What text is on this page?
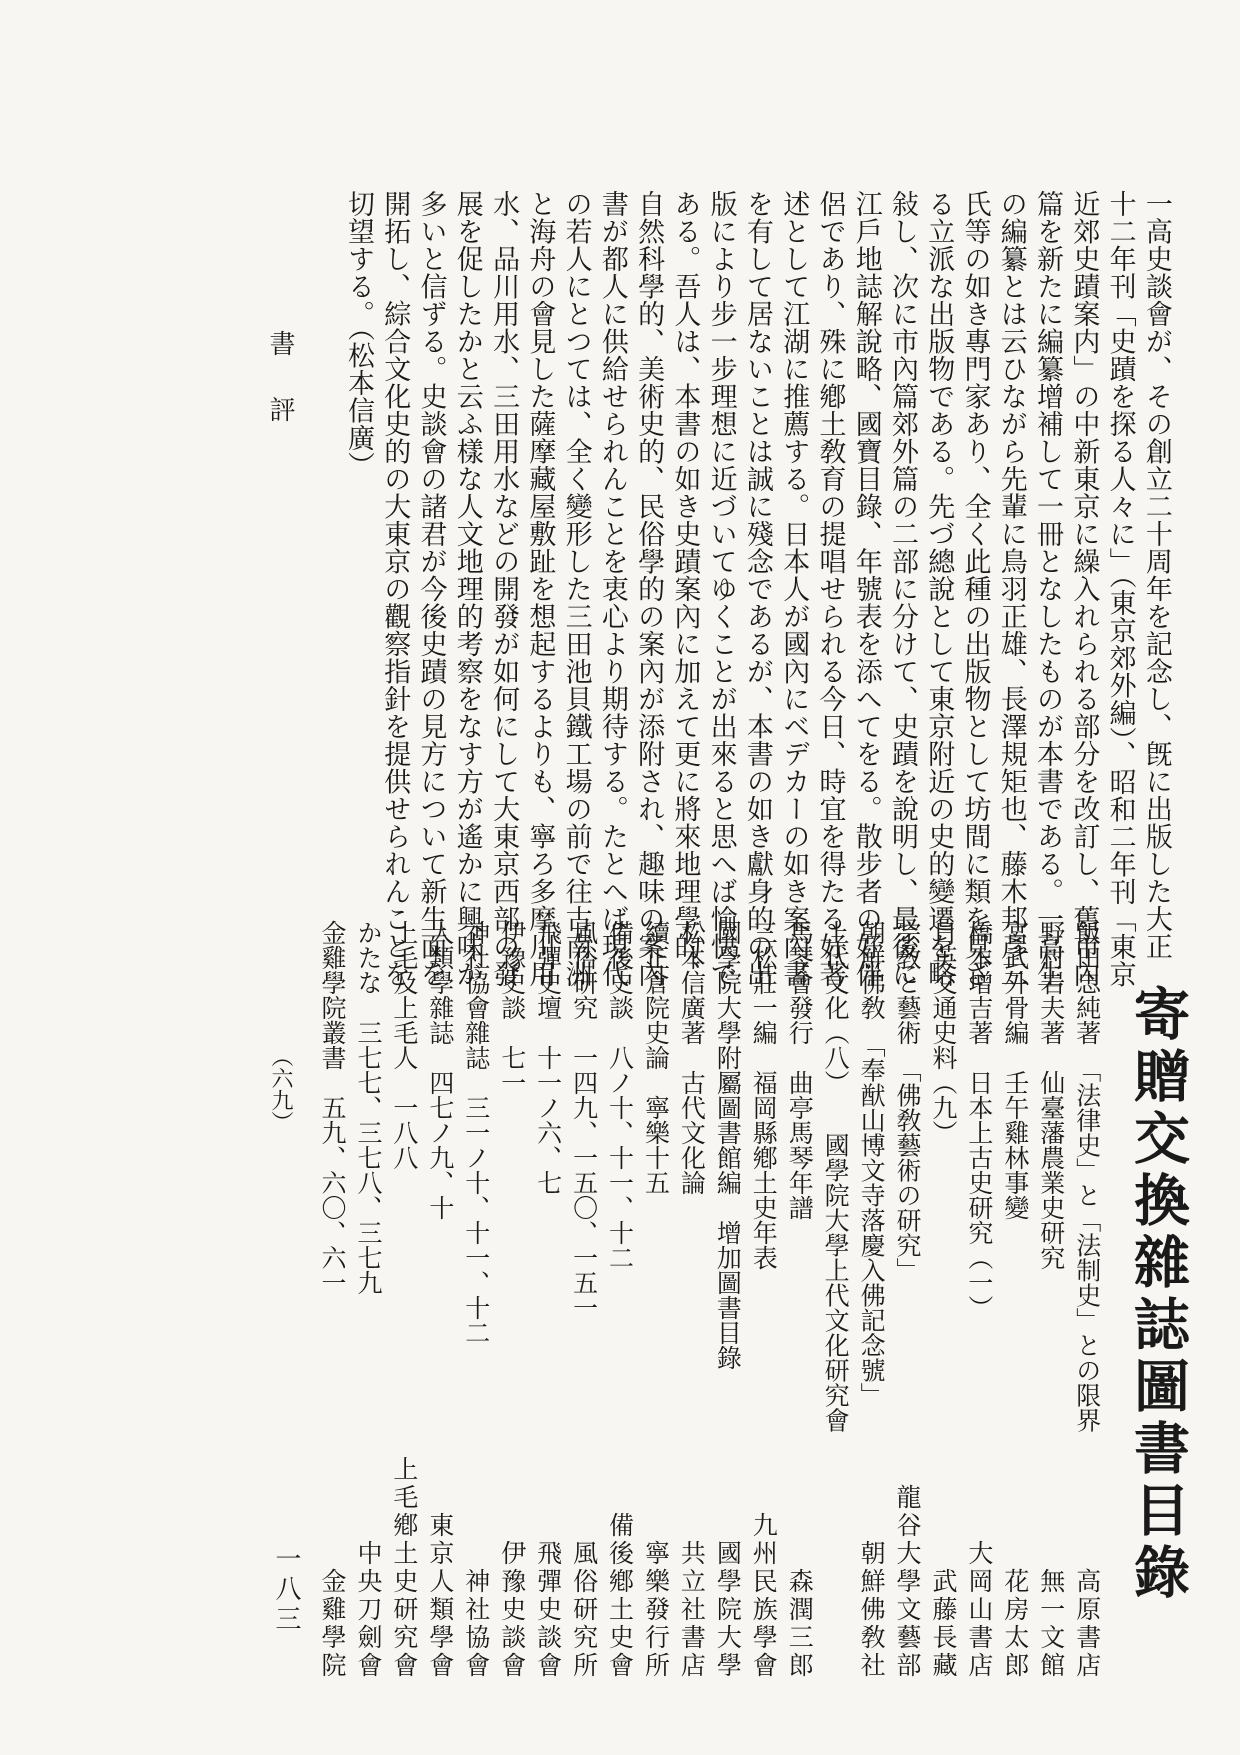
一高史談會が、その創立二十周年を記念し、旣に出版した大正
十二年刊「史蹟を探る人々に」（東京郊外編）、昭和二年刊「東京
近郊史蹟案内」の中新東京に繰入れられる部分を改訂し、舊市內
篇を新たに編纂增補して一冊となしたものが本書である。一高生
の編纂とは云ひながら先輩に鳥羽正雄、長澤規矩也、藤木邦彥三
氏等の如き專門家あり、全く此種の出版物として坊間に類を見ざ
る立派な出版物である。先づ總說として東京附近の史的變遷を略
敍し、次に市內篇郊外篇の二部に分けて、史蹟を說明し、最後に
江戶地誌解說略、國寶目錄、年號表を添へてをる。散步者の好伴
侶であり、殊に鄕土敎育の提唱せられる今日、時宜を得たる好著
述として江湖に推薦する。日本人が國內にベデカーの如き案內書
を有して居ないことは誠に殘念であるが、本書の如き獻身的の出
版により步一步理想に近づいてゆくことが出來ると思へば愉快で
ある。吾人は、本書の如き史蹟案內に加えて更に將來地理學的、
自然科學的、美術史的、民俗學的の案內が添附され、趣味の案內
書が都人に供給せられんことを衷心より期待する。たとへば現代
の若人にとつては、全く變形した三田池貝鐵工場の前で往古南洲
と海舟の會見した薩摩藏屋敷趾を想起するよりも、寧ろ多摩川用
水、品川用水、三田用水などの開發が如何にして大東京西部の發
展を促したかと云ふ樣な人文地理的考察をなす方が遙かに興味が
多いと信ずる。史談會の諸君が今後史蹟の見方について新生面を
開拓し、綜合文化史的の大東京の觀察指針を提供せられんことを
切望する。（松本信廣）
寄贈交換雜誌圖書目錄
飯田忠純著　「法律史」と「法制史」との限界
高原書店
野村岩夫著　仙臺藩農業史研究
無一文館
宮武外骨編　壬午雞林事變
花房太郎
橋本增吉著　日本上古史研究（一）
大岡山書店
日英交通史料（九）
武藤長藏
宗敎と藝術　「佛敎藝術の研究」
龍谷大學文藝部
朝鮮佛敎　「奉猷山博文寺落慶入佛記念號」
朝鮮佛敎社
上代文化（八）　　國學院大學上代文化研究會
馬琴會發行　曲亭馬琴年譜
森潤三郎
三松莊一編　福岡縣鄕土史年表
九州民族學會
國學院大學附屬圖書館編　增加圖書目錄
國學院大學
松本信廣著　古代文化論
共立社書店
續正倉院史論　寧樂十五
寧樂發行所
備後史談　八ノ十、十一、十二
備後鄕土史會
風俗研究　一四九、一五〇、一五一
風俗研究所
飛彈史壇　十一ノ六、七
飛彈史談會
伊豫史談　七一
伊豫史談會
神社協會雜誌　三一ノ十、十一、十二
神社協會
人類學雜誌　四七ノ九、十
東京人類學會
上毛及上毛人　一八八
上毛鄕土史研究會
かたな　三七七、三七八、三七九
中央刀劍會
金雞學院叢書　五九、六〇、六一
金雞學院
書評
（六九）
一八三
